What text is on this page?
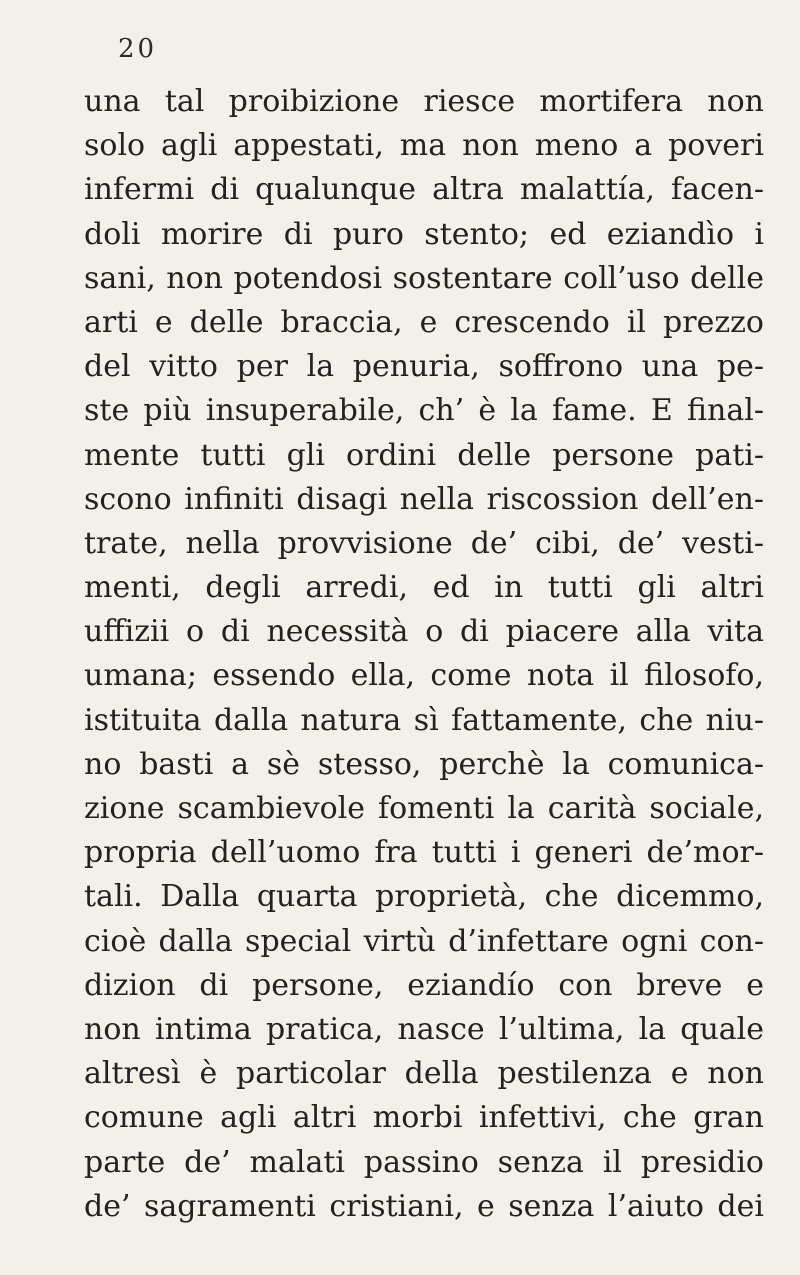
20
una tal proibizione riesce mortifera non
solo agli appestati, ma non meno a poveri
infermi di qualunque altra malattía, facen-
doli morire di puro stento; ed eziandìo i
sani, non potendosi sostentare coll’uso delle
arti e delle braccia, e crescendo il prezzo
del vitto per la penuria, soffrono una pe-
ste più insuperabile, ch’ è la fame. E final-
mente tutti gli ordini delle persone pati-
scono infiniti disagi nella riscossion dell’en-
trate, nella provvisione de’ cibi, de’ vesti-
menti, degli arredi, ed in tutti gli altri
uffizii o di necessità o di piacere alla vita
umana; essendo ella, come nota il filosofo,
istituita dalla natura sì fattamente, che niu-
no basti a sè stesso, perchè la comunica-
zione scambievole fomenti la carità sociale,
propria dell’uomo fra tutti i generi de’mor-
tali. Dalla quarta proprietà, che dicemmo,
cioè dalla special virtù d’infettare ogni con-
dizion di persone, eziandío con breve e
non intima pratica, nasce l’ultima, la quale
altresì è particolar della pestilenza e non
comune agli altri morbi infettivi, che gran
parte de’ malati passino senza il presidio
de’ sagramenti cristiani, e senza l’aiuto dei
